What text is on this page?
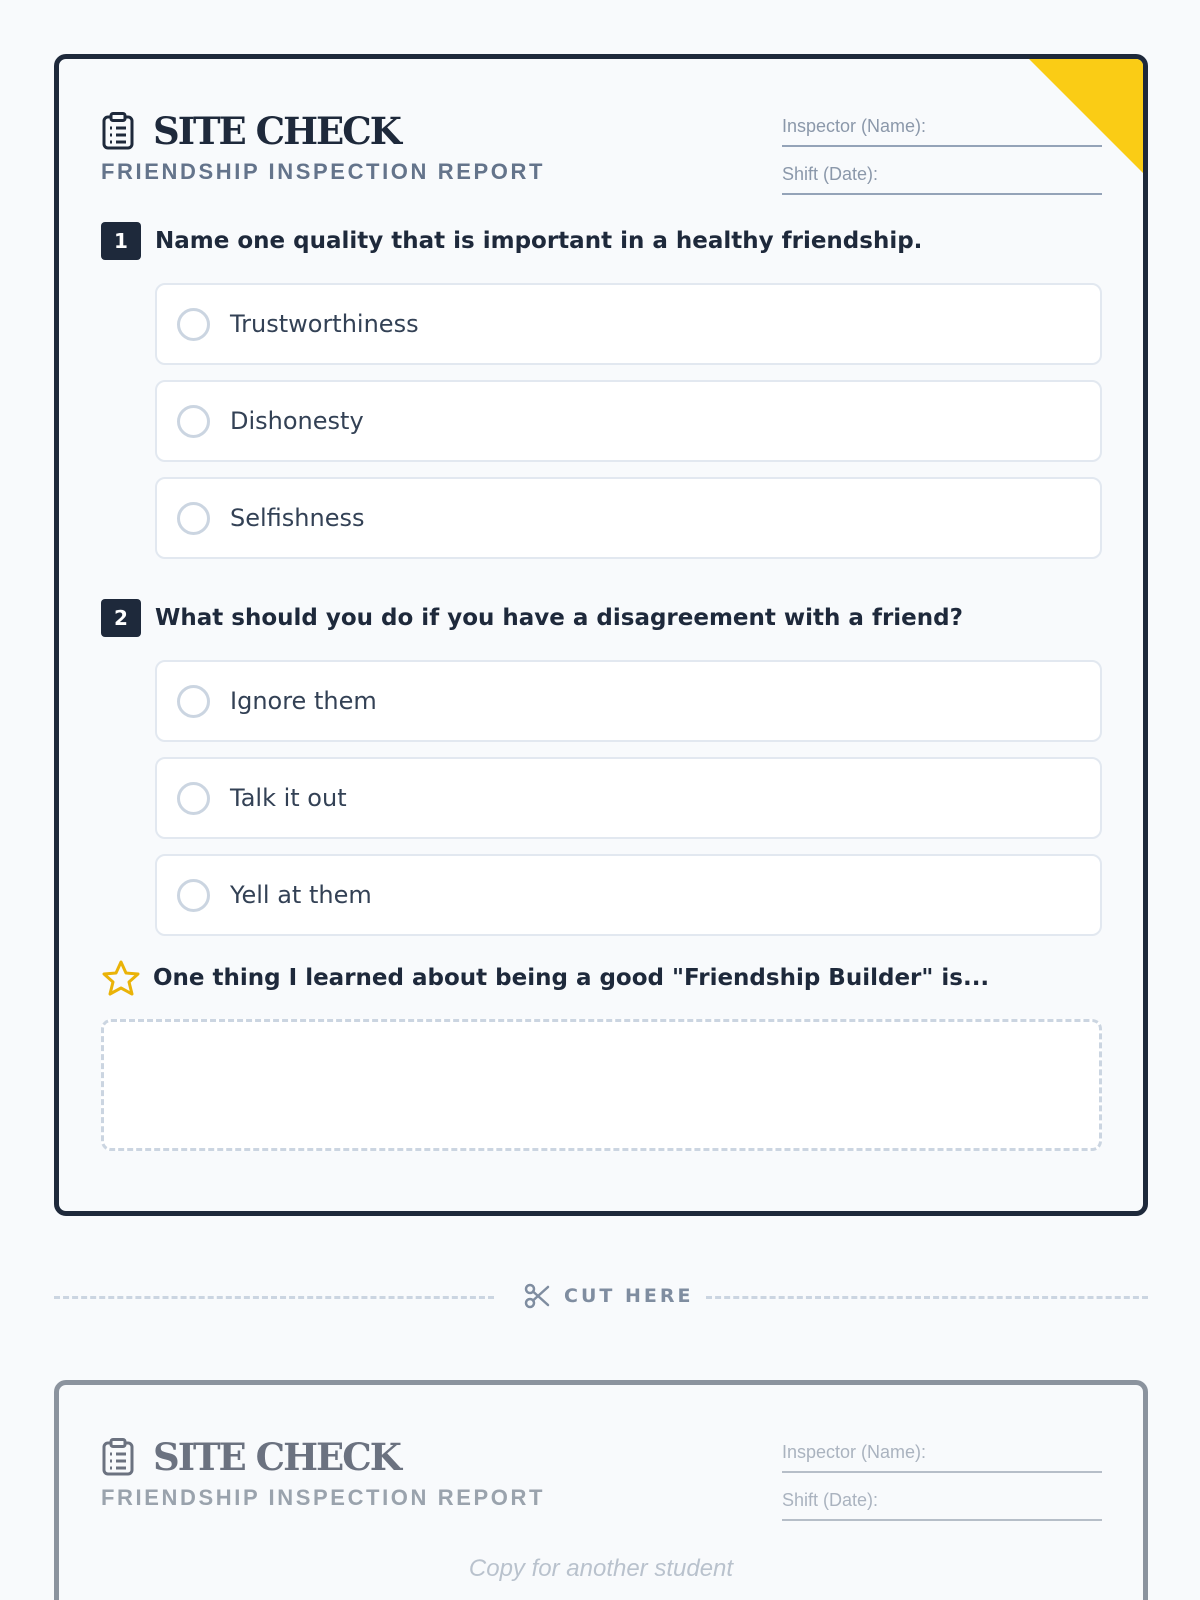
SITE CHECK
FRIENDSHIP INSPECTION REPORT
Inspector (Name):
Shift (Date):
1	Name one quality that is important in a healthy friendship.
Trustworthiness
Dishonesty
Selfishness
2	What should you do if you have a disagreement with a friend?
Ignore them
Talk it out
Yell at them
One thing I learned about being a good "Friendship Builder" is...
CUT HERE
SITE CHECK
FRIENDSHIP INSPECTION REPORT
Inspector (Name):
Shift (Date):
Copy for another student
